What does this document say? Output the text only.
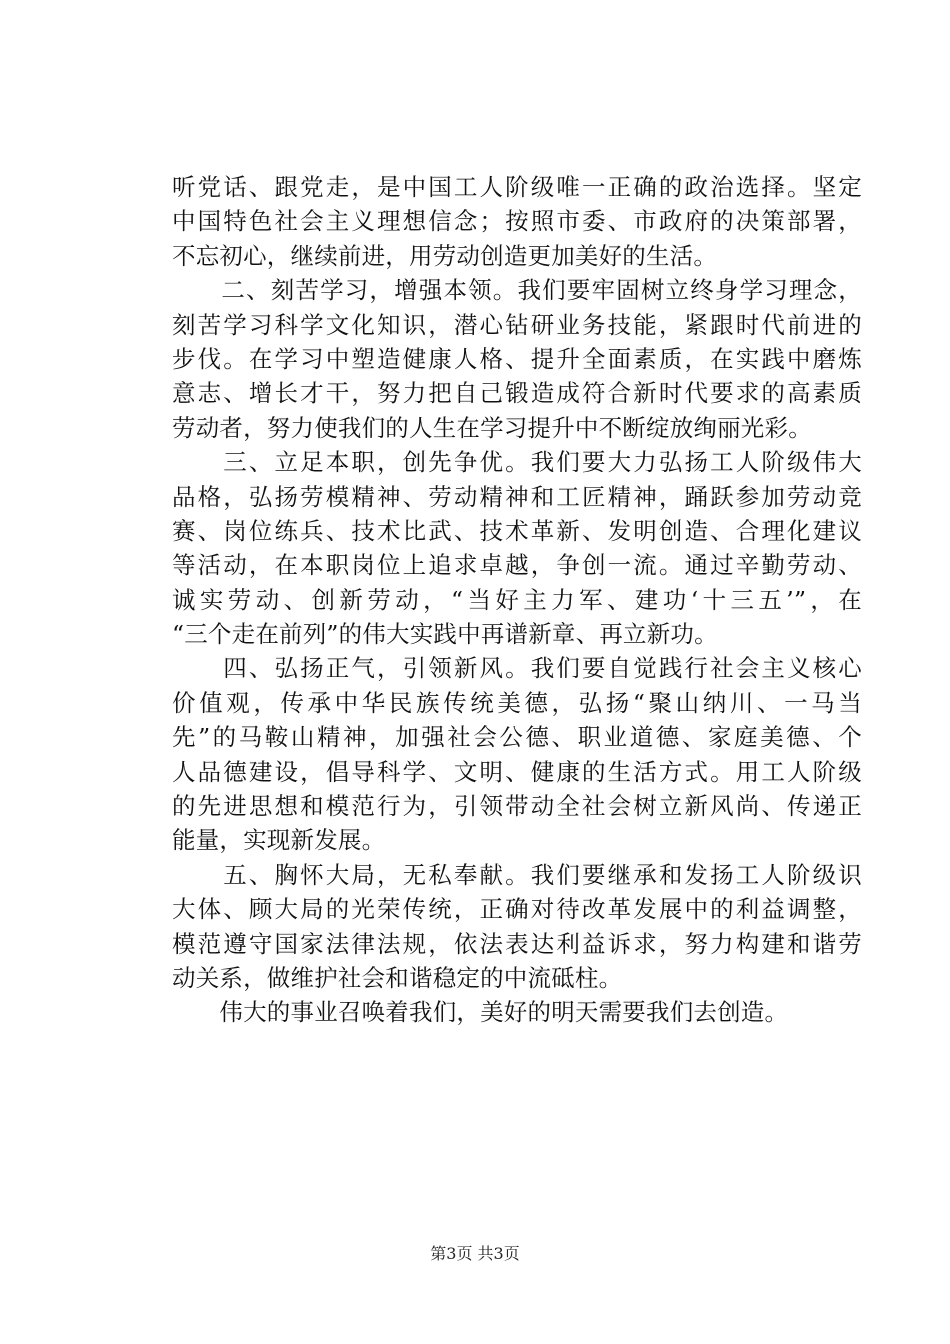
听党话、跟党走，是中国工人阶级唯一正确的政治选择。坚定
中国特色社会主义理想信念；按照市委、市政府的决策部署，
不忘初心，继续前进，用劳动创造更加美好的生活。
　　二、刻苦学习，增强本领。我们要牢固树立终身学习理念，
刻苦学习科学文化知识，潜心钻研业务技能，紧跟时代前进的
步伐。在学习中塑造健康人格、提升全面素质，在实践中磨炼
意志、增长才干，努力把自己锻造成符合新时代要求的高素质
劳动者，努力使我们的人生在学习提升中不断绽放绚丽光彩。
　　三、立足本职，创先争优。我们要大力弘扬工人阶级伟大
品格，弘扬劳模精神、劳动精神和工匠精神，踊跃参加劳动竞
赛、岗位练兵、技术比武、技术革新、发明创造、合理化建议
等活动，在本职岗位上追求卓越，争创一流。通过辛勤劳动、
诚实劳动、创新劳动，“当好主力军、建功‘十三五’”，在
“三个走在前列”的伟大实践中再谱新章、再立新功。
　　四、弘扬正气，引领新风。我们要自觉践行社会主义核心
价值观，传承中华民族传统美德，弘扬“聚山纳川、一马当
先”的马鞍山精神，加强社会公德、职业道德、家庭美德、个
人品德建设，倡导科学、文明、健康的生活方式。用工人阶级
的先进思想和模范行为，引领带动全社会树立新风尚、传递正
能量，实现新发展。
　　五、胸怀大局，无私奉献。我们要继承和发扬工人阶级识
大体、顾大局的光荣传统，正确对待改革发展中的利益调整，
模范遵守国家法律法规，依法表达利益诉求，努力构建和谐劳
动关系，做维护社会和谐稳定的中流砥柱。
　　伟大的事业召唤着我们，美好的明天需要我们去创造。
第3页 共3页
